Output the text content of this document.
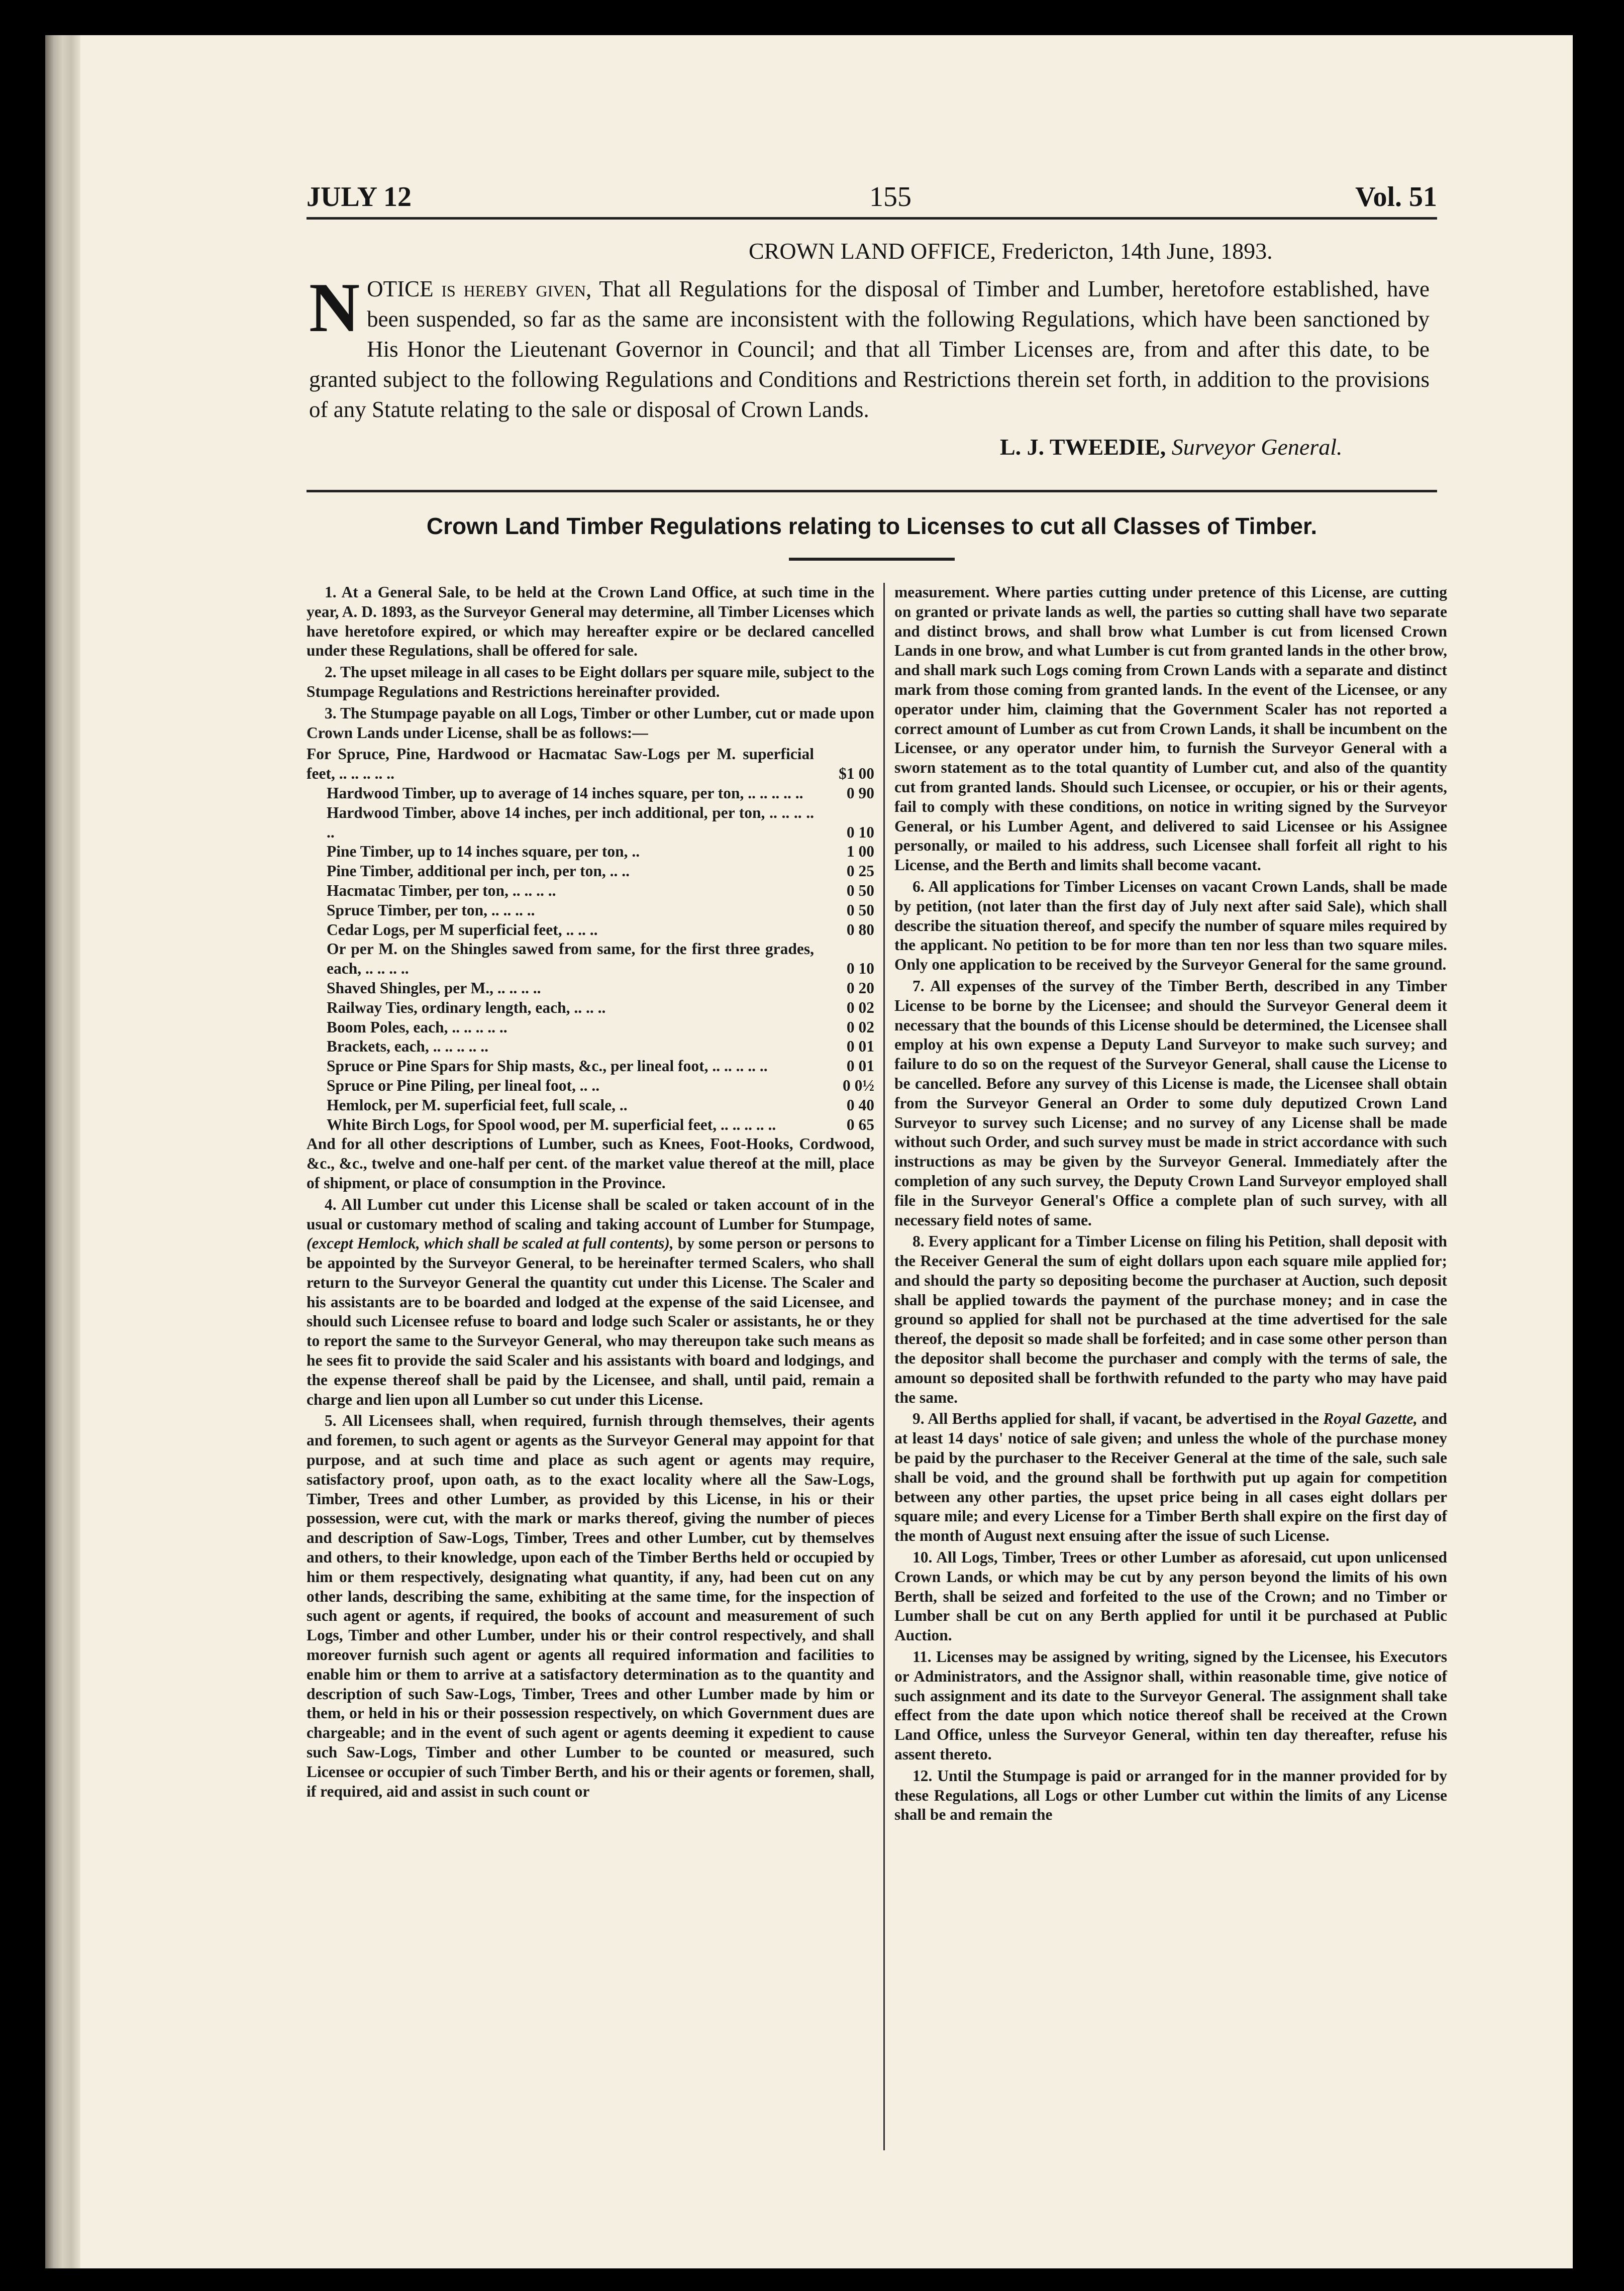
JULY 12	155	Vol. 51
CROWN LAND OFFICE, Fredericton, 14th June, 1893.
NOTICE is hereby given, That all Regulations for the disposal of Timber and Lumber, heretofore established, have been suspended, so far as the same are inconsistent with the following Regulations, which have been sanctioned by His Honor the Lieutenant Governor in Council; and that all Timber Licenses are, from and after this date, to be granted subject to the following Regulations and Conditions and Restrictions therein set forth, in addition to the provisions of any Statute relating to the sale or disposal of Crown Lands.
L. J. TWEEDIE, Surveyor General.
Crown Land Timber Regulations relating to Licenses to cut all Classes of Timber.

1. At a General Sale, to be held at the Crown Land Office, at such time in the year, A. D. 1893, as the Surveyor General may determine, all Timber Licenses which have heretofore expired, or which may hereafter expire or be declared cancelled under these Regulations, shall be offered for sale.

2. The upset mileage in all cases to be Eight dollars per square mile, subject to the Stumpage Regulations and Restrictions hereinafter provided.

3. The Stumpage payable on all Logs, Timber or other Lumber, cut or made upon Crown Lands under License, shall be as follows:—

For Spruce, Pine, Hardwood or Hacmatac Saw-Logs per M. superficial feet, .. .. .. .. ..	$1 00
Hardwood Timber, up to average of 14 inches square, per ton, .. .. .. .. ..	0 90
Hardwood Timber, above 14 inches, per inch additional, per ton, .. .. .. .. ..	0 10
Pine Timber, up to 14 inches square, per ton, ..	1 00
Pine Timber, additional per inch, per ton, .. ..	0 25
Hacmatac Timber, per ton, .. .. .. ..	0 50
Spruce Timber, per ton, .. .. .. ..	0 50
Cedar Logs, per M superficial feet, .. .. ..	0 80
Or per M. on the Shingles sawed from same, for the first three grades, each, .. .. .. ..	0 10
Shaved Shingles, per M., .. .. .. ..	0 20
Railway Ties, ordinary length, each, .. .. ..	0 02
Boom Poles, each, .. .. .. .. ..	0 02
Brackets, each, .. .. .. .. ..	0 01
Spruce or Pine Spars for Ship masts, &c., per lineal foot, .. .. .. .. ..	0 01
Spruce or Pine Piling, per lineal foot, .. ..	0 0½
Hemlock, per M. superficial feet, full scale, ..	0 40
White Birch Logs, for Spool wood, per M. superficial feet, .. .. .. .. ..	0 65

And for all other descriptions of Lumber, such as Knees, Foot-Hooks, Cordwood, &c., &c., twelve and one-half per cent. of the market value thereof at the mill, place of shipment, or place of consumption in the Province.

4. All Lumber cut under this License shall be scaled or taken account of in the usual or customary method of scaling and taking account of Lumber for Stumpage, (except Hemlock, which shall be scaled at full contents), by some person or persons to be appointed by the Surveyor General, to be hereinafter termed Scalers, who shall return to the Surveyor General the quantity cut under this License. The Scaler and his assistants are to be boarded and lodged at the expense of the said Licensee, and should such Licensee refuse to board and lodge such Scaler or assistants, he or they to report the same to the Surveyor General, who may thereupon take such means as he sees fit to provide the said Scaler and his assistants with board and lodgings, and the expense thereof shall be paid by the Licensee, and shall, until paid, remain a charge and lien upon all Lumber so cut under this License.

5. All Licensees shall, when required, furnish through themselves, their agents and foremen, to such agent or agents as the Surveyor General may appoint for that purpose, and at such time and place as such agent or agents may require, satisfactory proof, upon oath, as to the exact locality where all the Saw-Logs, Timber, Trees and other Lumber, as provided by this License, in his or their possession, were cut, with the mark or marks thereof, giving the number of pieces and description of Saw-Logs, Timber, Trees and other Lumber, cut by themselves and others, to their knowledge, upon each of the Timber Berths held or occupied by him or them respectively, designating what quantity, if any, had been cut on any other lands, describing the same, exhibiting at the same time, for the inspection of such agent or agents, if required, the books of account and measurement of such Logs, Timber and other Lumber, under his or their control respectively, and shall moreover furnish such agent or agents all required information and facilities to enable him or them to arrive at a satisfactory determination as to the quantity and description of such Saw-Logs, Timber, Trees and other Lumber made by him or them, or held in his or their possession respectively, on which Government dues are chargeable; and in the event of such agent or agents deeming it expedient to cause such Saw-Logs, Timber and other Lumber to be counted or measured, such Licensee or occupier of such Timber Berth, and his or their agents or foremen, shall, if required, aid and assist in such count or

measurement. Where parties cutting under pretence of this License, are cutting on granted or private lands as well, the parties so cutting shall have two separate and distinct brows, and shall brow what Lumber is cut from licensed Crown Lands in one brow, and what Lumber is cut from granted lands in the other brow, and shall mark such Logs coming from Crown Lands with a separate and distinct mark from those coming from granted lands. In the event of the Licensee, or any operator under him, claiming that the Government Scaler has not reported a correct amount of Lumber as cut from Crown Lands, it shall be incumbent on the Licensee, or any operator under him, to furnish the Surveyor General with a sworn statement as to the total quantity of Lumber cut, and also of the quantity cut from granted lands. Should such Licensee, or occupier, or his or their agents, fail to comply with these conditions, on notice in writing signed by the Surveyor General, or his Lumber Agent, and delivered to said Licensee or his Assignee personally, or mailed to his address, such Licensee shall forfeit all right to his License, and the Berth and limits shall become vacant.

6. All applications for Timber Licenses on vacant Crown Lands, shall be made by petition, (not later than the first day of July next after said Sale), which shall describe the situation thereof, and specify the number of square miles required by the applicant. No petition to be for more than ten nor less than two square miles. Only one application to be received by the Surveyor General for the same ground.

7. All expenses of the survey of the Timber Berth, described in any Timber License to be borne by the Licensee; and should the Surveyor General deem it necessary that the bounds of this License should be determined, the Licensee shall employ at his own expense a Deputy Land Surveyor to make such survey; and failure to do so on the request of the Surveyor General, shall cause the License to be cancelled. Before any survey of this License is made, the Licensee shall obtain from the Surveyor General an Order to some duly deputized Crown Land Surveyor to survey such License; and no survey of any License shall be made without such Order, and such survey must be made in strict accordance with such instructions as may be given by the Surveyor General. Immediately after the completion of any such survey, the Deputy Crown Land Surveyor employed shall file in the Surveyor General's Office a complete plan of such survey, with all necessary field notes of same.

8. Every applicant for a Timber License on filing his Petition, shall deposit with the Receiver General the sum of eight dollars upon each square mile applied for; and should the party so depositing become the purchaser at Auction, such deposit shall be applied towards the payment of the purchase money; and in case the ground so applied for shall not be purchased at the time advertised for the sale thereof, the deposit so made shall be forfeited; and in case some other person than the depositor shall become the purchaser and comply with the terms of sale, the amount so deposited shall be forthwith refunded to the party who may have paid the same.

9. All Berths applied for shall, if vacant, be advertised in the Royal Gazette, and at least 14 days' notice of sale given; and unless the whole of the purchase money be paid by the purchaser to the Receiver General at the time of the sale, such sale shall be void, and the ground shall be forthwith put up again for competition between any other parties, the upset price being in all cases eight dollars per square mile; and every License for a Timber Berth shall expire on the first day of the month of August next ensuing after the issue of such License.

10. All Logs, Timber, Trees or other Lumber as aforesaid, cut upon unlicensed Crown Lands, or which may be cut by any person beyond the limits of his own Berth, shall be seized and forfeited to the use of the Crown; and no Timber or Lumber shall be cut on any Berth applied for until it be purchased at Public Auction.

11. Licenses may be assigned by writing, signed by the Licensee, his Executors or Administrators, and the Assignor shall, within reasonable time, give notice of such assignment and its date to the Surveyor General. The assignment shall take effect from the date upon which notice thereof shall be received at the Crown Land Office, unless the Surveyor General, within ten day thereafter, refuse his assent thereto.

12. Until the Stumpage is paid or arranged for in the manner provided for by these Regulations, all Logs or other Lumber cut within the limits of any License shall be and remain the
